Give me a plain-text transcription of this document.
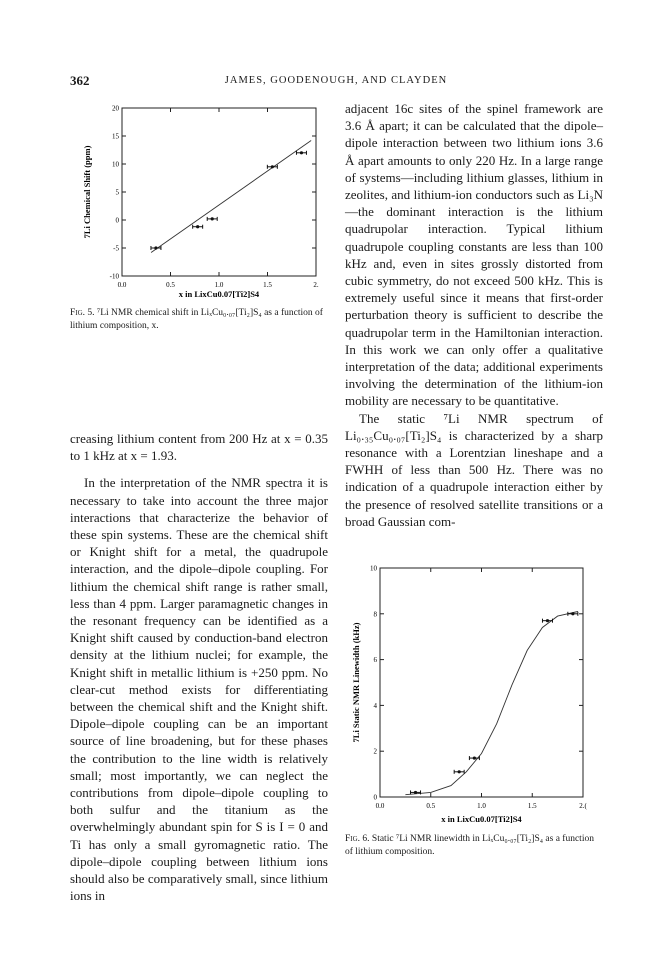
362	JAMES, GOODENOUGH, AND CLAYDEN
0.0	0.5	1.0	1.5	2.
-10
-5
0
5
10
15
20
7Li Chemical Shift (ppm)
x in LixCu0.07[Ti2]S4
Fig. 5. ⁷Li NMR chemical shift in LiₓCu₀.₀₇[Ti₂]S₄ as a function of lithium composition, x.

creasing lithium content from 200 Hz at x = 0.35 to 1 kHz at x = 1.93.

In the interpretation of the NMR spectra it is necessary to take into account the three major interactions that characterize the behavior of these spin systems. These are the chemical shift or Knight shift for a metal, the quadrupole interaction, and the dipole–dipole coupling. For lithium the chemical shift range is rather small, less than 4 ppm. Larger paramagnetic changes in the resonant frequency can be identified as a Knight shift caused by conduction-band electron density at the lithium nuclei; for example, the Knight shift in metallic lithium is +250 ppm. No clear-cut method exists for differentiating between the chemical shift and the Knight shift. Dipole–dipole coupling can be an important source of line broadening, but for these phases the contribution to the line width is relatively small; most importantly, we can neglect the contributions from dipole–dipole coupling to both sulfur and the titanium as the overwhelmingly abundant spin for S is I = 0 and Ti has only a small gyromagnetic ratio. The dipole–dipole coupling between lithium ions should also be comparatively small, since lithium ions in

adjacent 16c sites of the spinel framework are 3.6 Å apart; it can be calculated that the dipole–dipole interaction between two lithium ions 3.6 Å apart amounts to only 220 Hz. In a large range of systems—including lithium glasses, lithium in zeolites, and lithium-ion conductors such as Li₃N—the dominant interaction is the lithium quadrupolar interaction. Typical lithium quadrupole coupling constants are less than 100 kHz and, even in sites grossly distorted from cubic symmetry, do not exceed 500 kHz. This is extremely useful since it means that first-order perturbation theory is sufficient to describe the quadrupolar term in the Hamiltonian interaction. In this work we can only offer a qualitative interpretation of the data; additional experiments involving the determination of the lithium-ion mobility are necessary to be quantitative.

The static ⁷Li NMR spectrum of Li₀.₃₅Cu₀.₀₇[Ti₂]S₄ is characterized by a sharp resonance with a Lorentzian lineshape and a FWHH of less than 500 Hz. There was no indication of a quadrupole interaction either by the presence of resolved satellite transitions or a broad Gaussian com-

0.0	0.5	1.0	1.5	2.(
0
2
4
6
8
10
7Li Static NMR Linewidth (kHz)
x in LixCu0.07[Ti2]S4
Fig. 6. Static ⁷Li NMR linewidth in LiₓCu₀.₀₇[Ti₂]S₄ as a function of lithium composition.
